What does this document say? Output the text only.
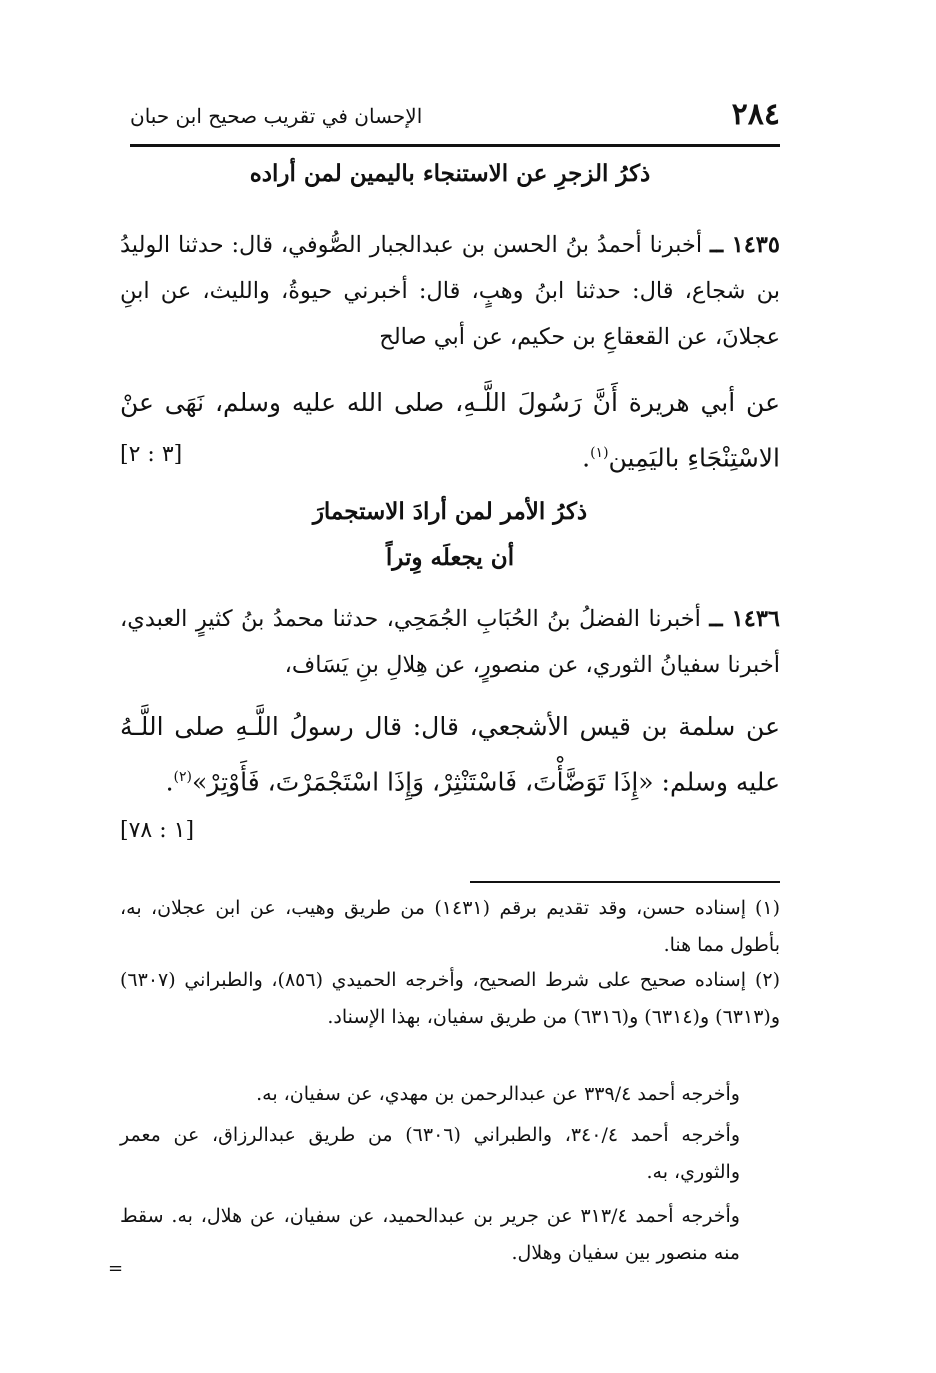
٢٨٤
الإحسان في تقريب صحيح ابن حبان
ذكرُ الزجرِ عن الاستنجاء باليمين لمن أراده
١٤٣٥ ــ أخبرنا أحمدُ بنُ الحسن بن عبدالجبار الصُّوفي، قال: حدثنا الوليدُ بن شجاع، قال: حدثنا ابنُ وهبٍ، قال: أخبرني حيوةُ، والليث، عن ابنِ عجلانَ، عن القعقاعِ بن حكيم، عن أبي صالح
عن أبي هريرة أَنَّ رَسُولَ اللَّـهِ، صلى الله عليه وسلم، نَهَى عنْ الاسْتِنْجَاءِ باليَمِين$^{(١)}$.
[٣ : ٢]
ذكرُ الأمر لمن أرادَ الاستجمارَ
أن يجعلَه وِتراً
١٤٣٦ ــ أخبرنا الفضلُ بنُ الحُبَابِ الجُمَحِي، حدثنا محمدُ بنُ كثيرٍ العبدي، أخبرنا سفيانُ الثوري، عن منصورٍ، عن هِلالِ بنِ يَسَاف،
عن سلمة بن قيس الأشجعي، قال: قال رسولُ اللَّـهِ صلى اللَّـهُ عليه وسلم: «إِذَا تَوَضَّأْتَ، فَاسْتَنْثِرْ، وَإِذَا اسْتَجْمَرْتَ، فَأَوْتِرْ»$^{(٢)}$.
[١ : ٧٨]
(١)إسناده حسن، وقد تقديم برقم (١٤٣١) من طريق وهيب، عن ابن عجلان، به، بأطول مما هنا.
(٢)إسناده صحيح على شرط الصحيح، وأخرجه الحميدي (٨٥٦)، والطبراني (٦٣٠٧) و(٦٣١٣) و(٦٣١٤) و(٦٣١٦) من طريق سفيان، بهذا الإسناد.
وأخرجه أحمد ٣٣٩/٤ عن عبدالرحمن بن مهدي، عن سفيان، به.
وأخرجه أحمد ٣٤٠/٤، والطبراني (٦٣٠٦) من طريق عبدالرزاق، عن معمر والثوري، به.
وأخرجه أحمد ٣١٣/٤ عن جرير بن عبدالحميد، عن سفيان، عن هلال، به. سقط منه منصور بين سفيان وهلال.
=
